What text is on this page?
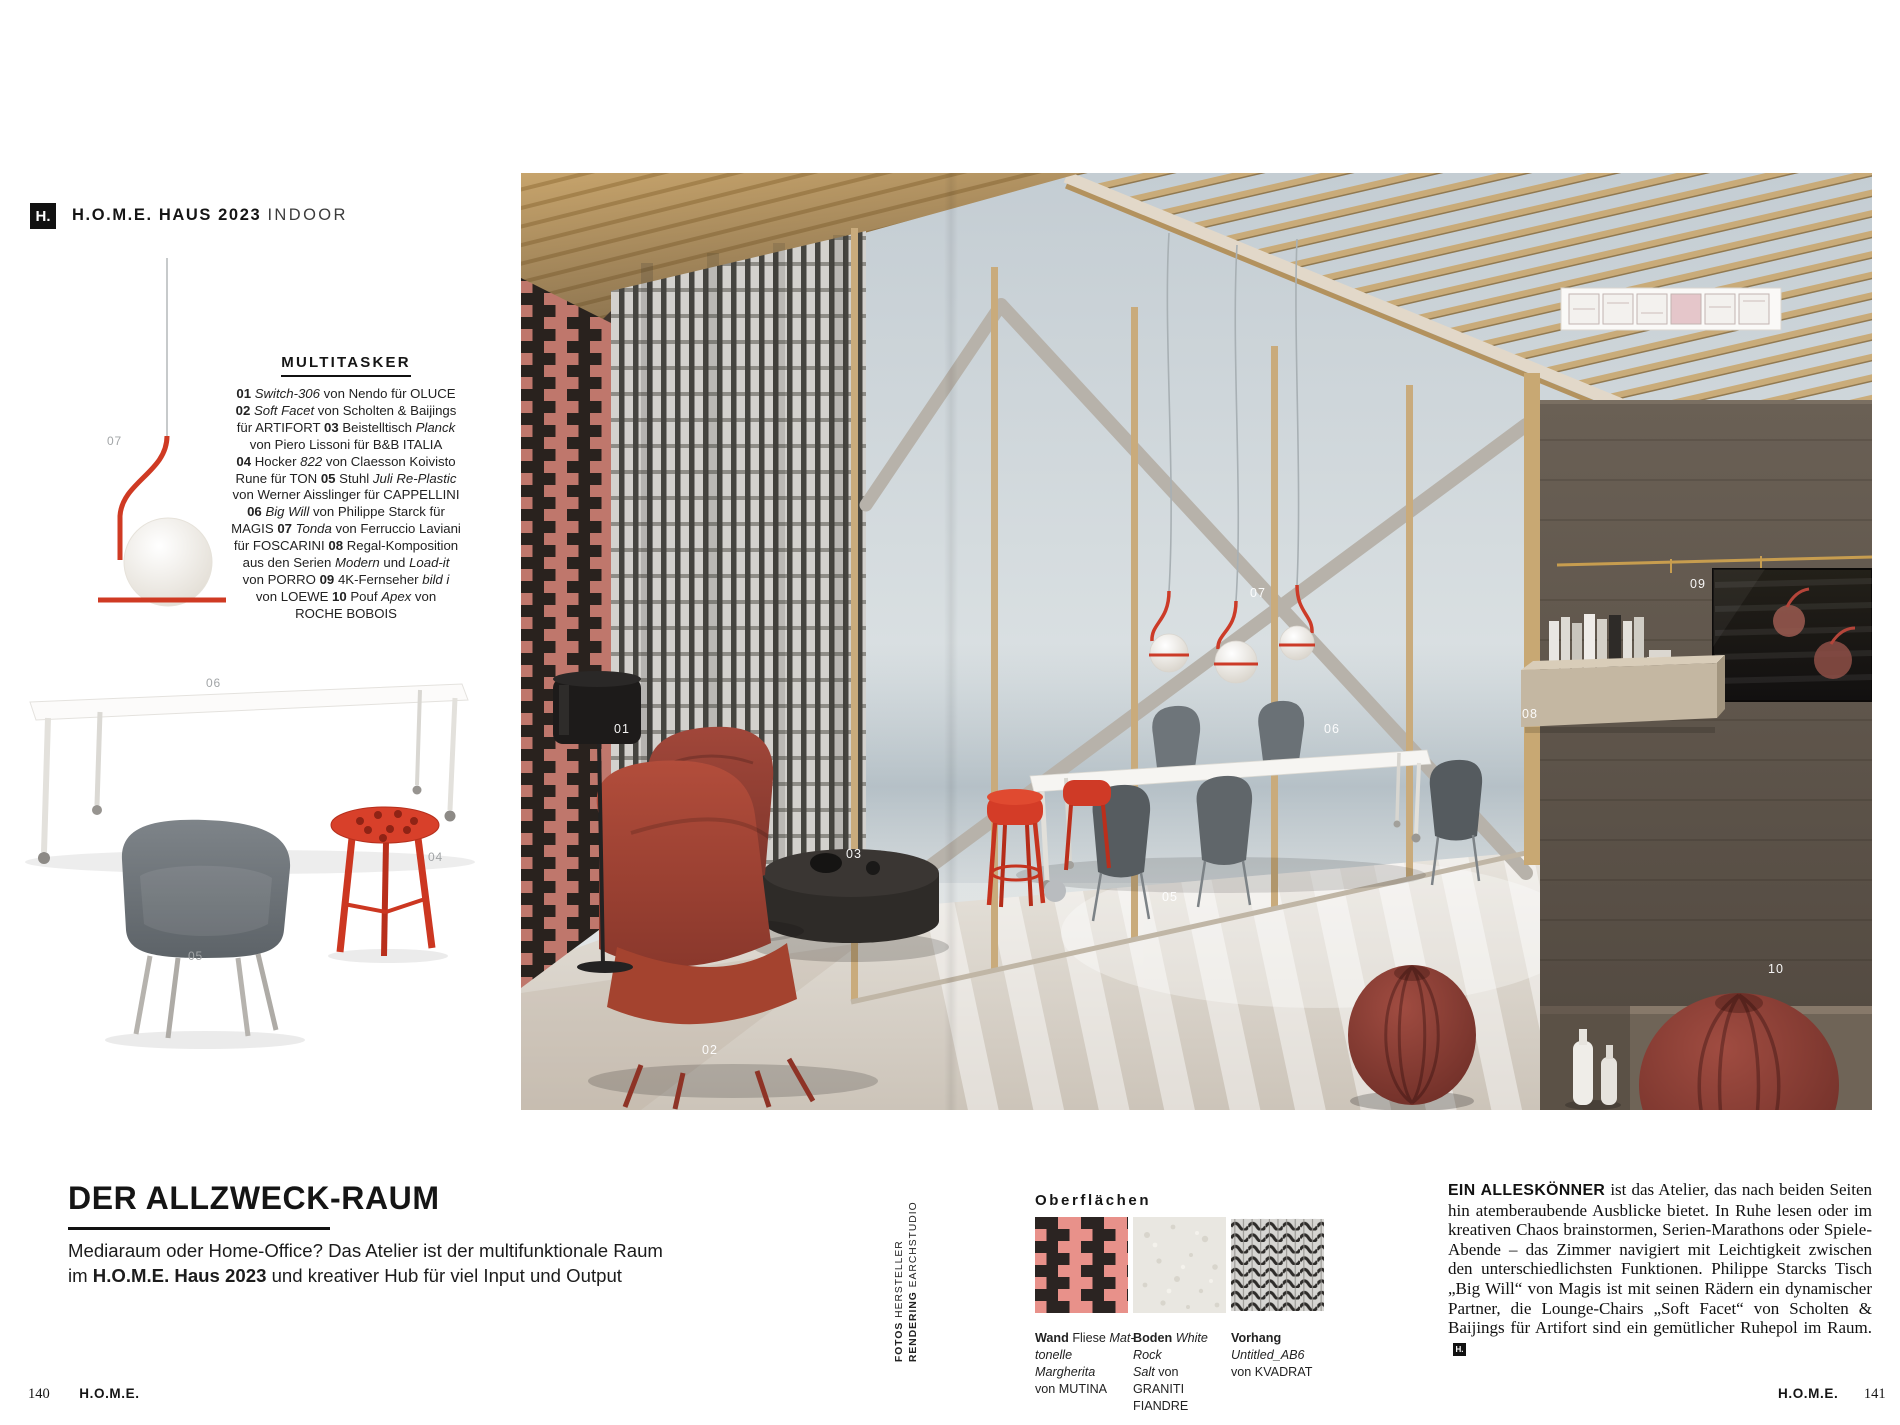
H.	H.O.M.E. HAUS 2023 INDOOR
MULTITASKER
01 Switch-306 von Nendo für OLUCE
02 Soft Facet von Scholten & Baijings
für ARTIFORT 03 Beistelltisch Planck
von Piero Lissoni für B&B ITALIA
04 Hocker 822 von Claesson Koivisto
Rune für TON 05 Stuhl Juli Re-Plastic
von Werner Aisslinger für CAPPELLINI
06 Big Will von Philippe Starck für
MAGIS 07 Tonda von Ferruccio Laviani
für FOSCARINI 08 Regal-Komposition
aus den Serien Modern und Load-it
von PORRO 09 4K-Fernseher bild i
von LOEWE 10 Pouf Apex von
ROCHE BOBOIS
07
06
04
05
DER ALLZWECK-RAUM
Mediaraum oder Home-Office? Das Atelier ist der multifunktionale Raum
im H.O.M.E. Haus 2023 und kreativer Hub für viel Input und Output
140 H.O.M.E.
01
02
03
05
06
07
08
09
10
FOTOS HERSTELLER
RENDERING EARCHSTUDIO
Oberflächen
Wand Fliese Mat-
tonelle Margherita
von MUTINA
Boden White Rock
Salt von GRANITI
FIANDRE
Vorhang
Untitled_AB6
von KVADRAT
EIN ALLESKÖNNER ist das Atelier, das nach beiden Seiten hin atemberaubende Ausblicke bietet. In Ruhe lesen oder im kreativen Chaos brainstormen, Serien-Marathons oder Spiele-Abende – das Zimmer navigiert mit Leichtigkeit zwischen den unterschiedlichsten Funktionen. Philippe Starcks Tisch „Big Will“ von Magis ist mit seinen Rädern ein dynamischer Partner, die Lounge-Chairs „Soft Facet“ von Scholten & Baijings für Artifort sind ein gemütlicher Ruhepol im Raum.H.
H.O.M.E. 141
